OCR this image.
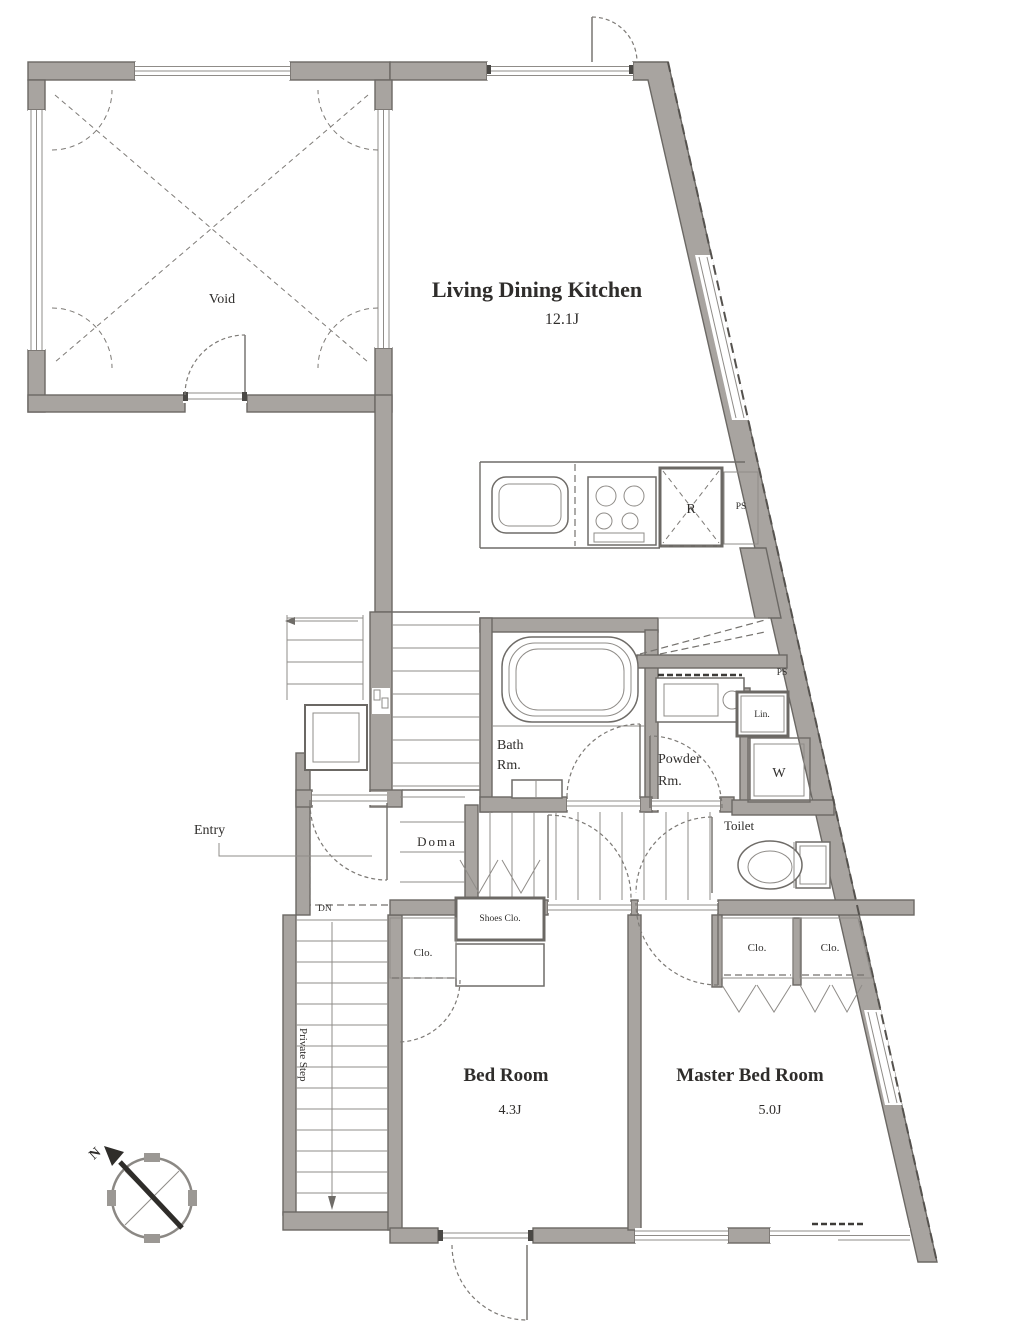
Living Dining Kitchen
12.1J
Void
Bath
Rm.	Powder
Rm.
Toilet
Entry
Doma
Lin.
W
PS
PS
R
Shoes Clo.
Clo.	Clo.	Clo.
Bed Room
4.3J
Master Bed Room
5.0J
Private Step
DN
N
